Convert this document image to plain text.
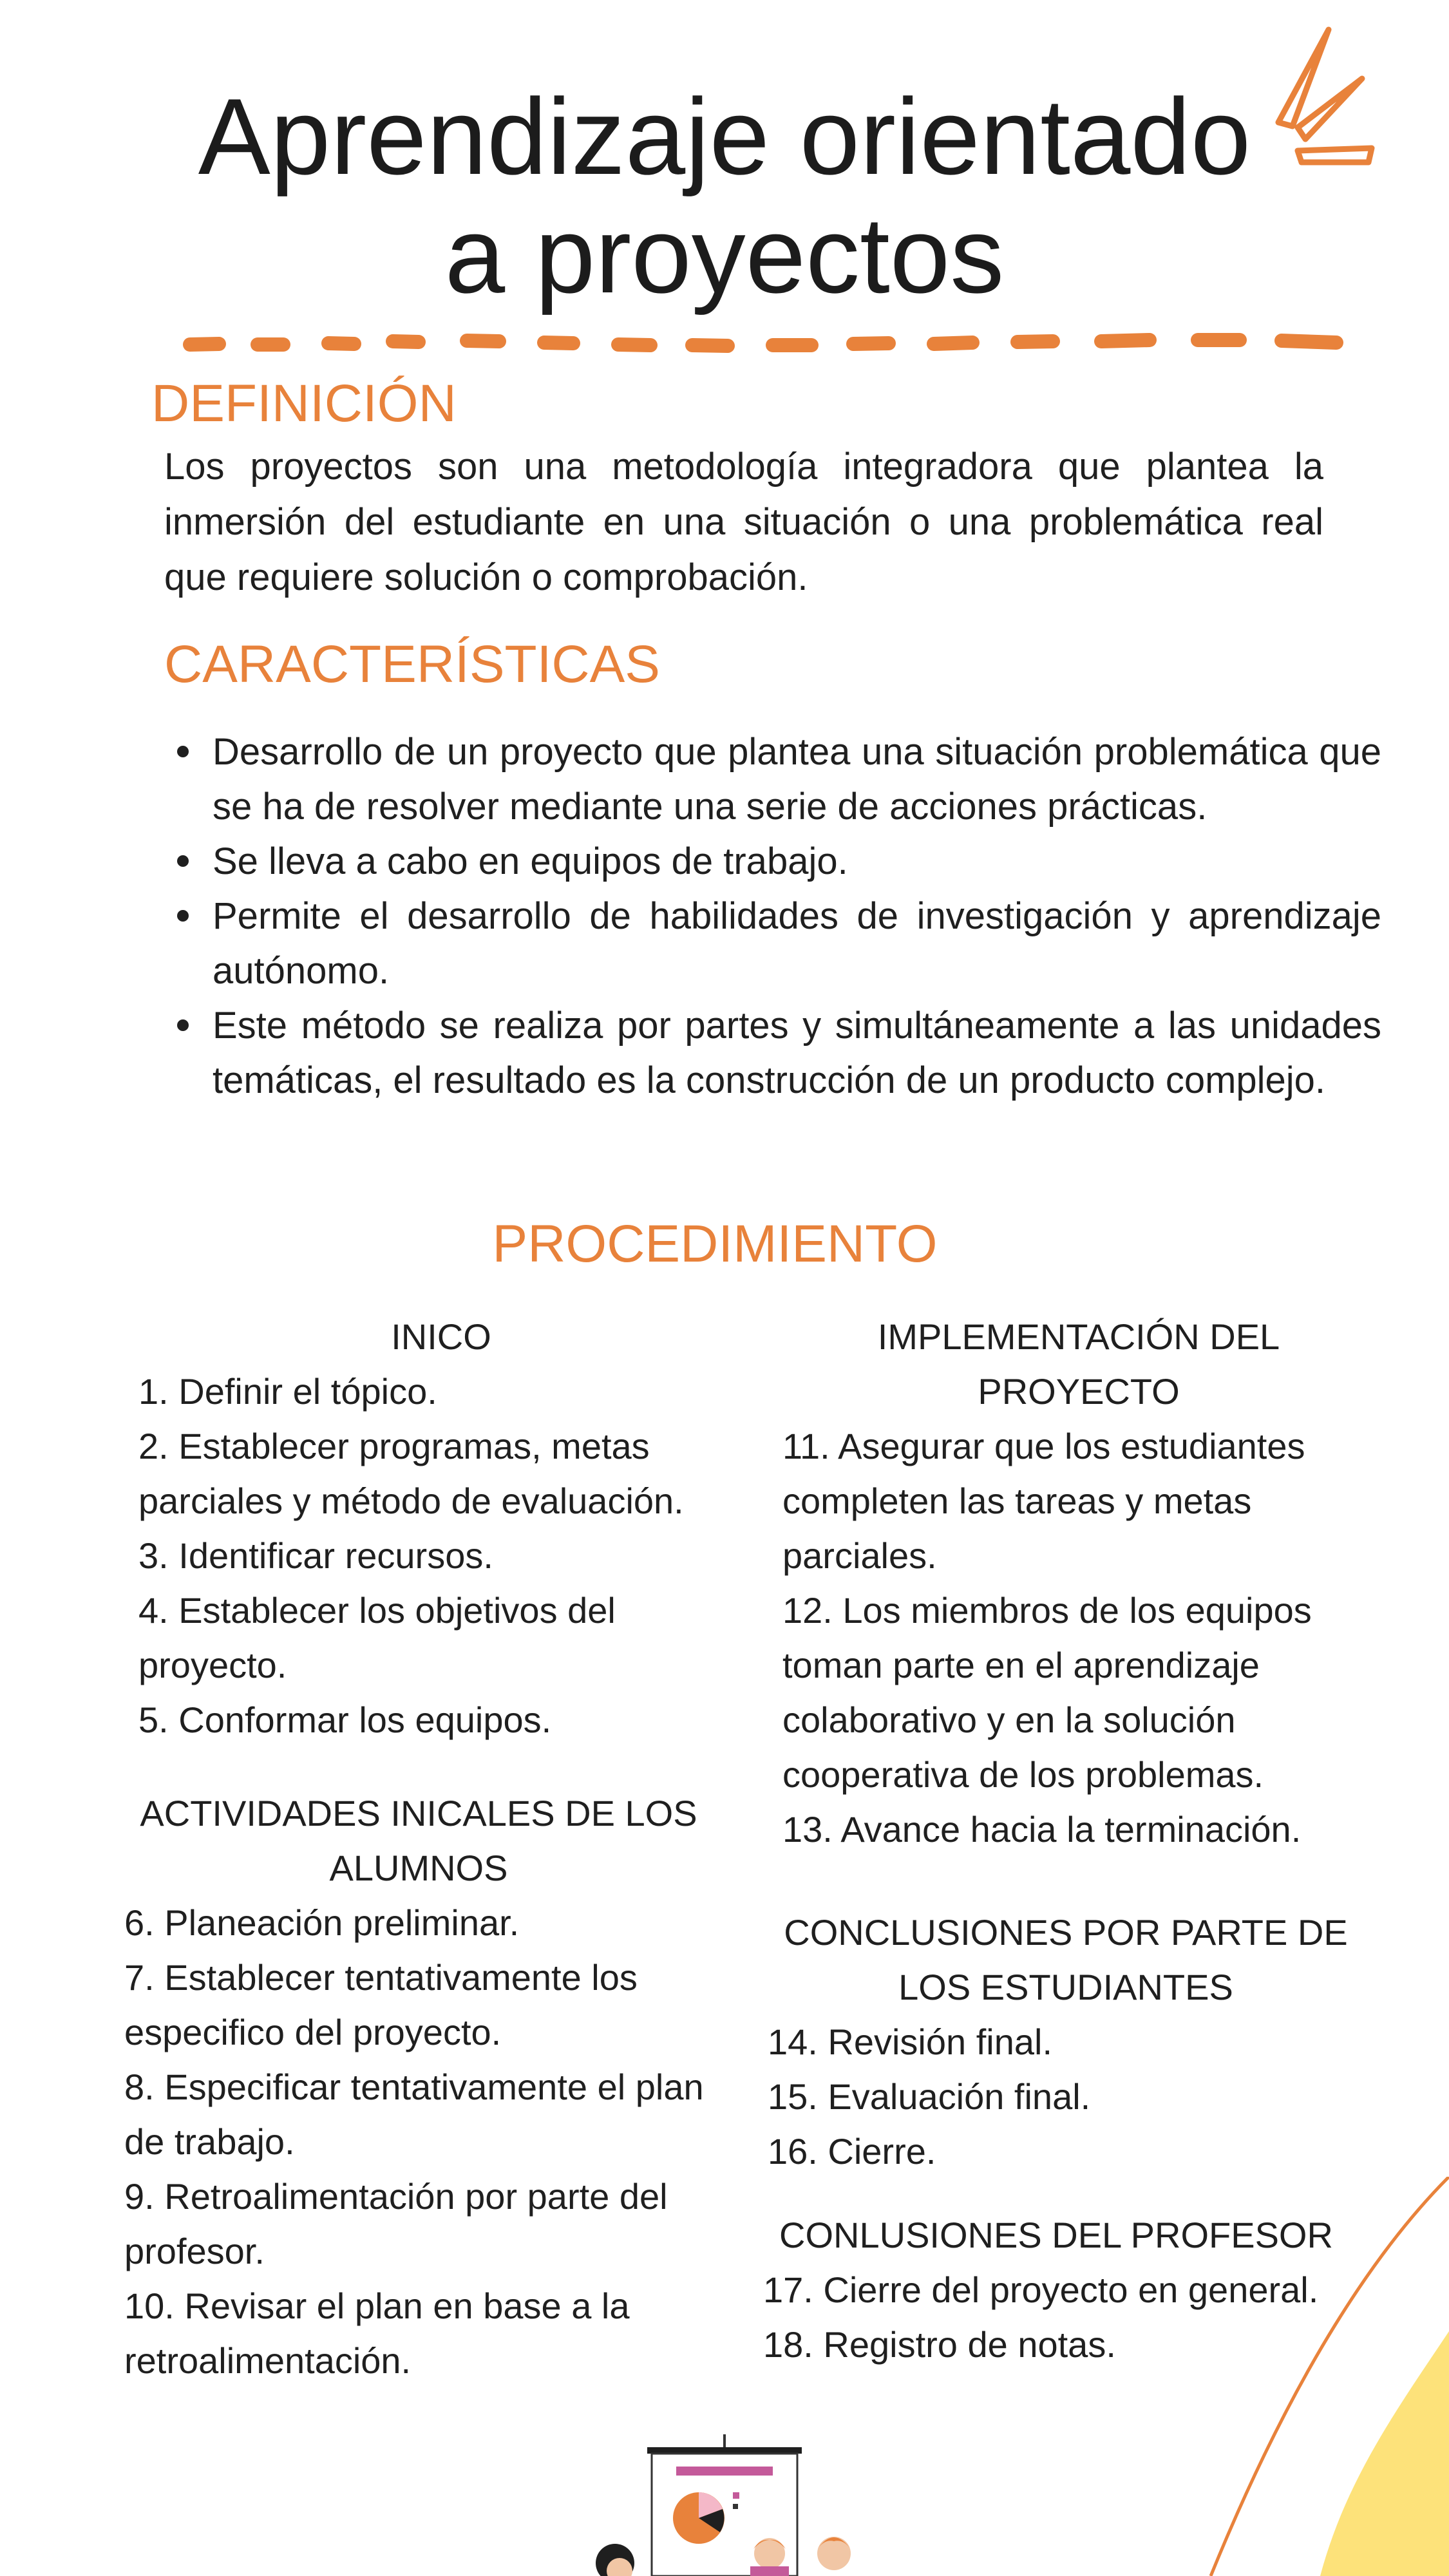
Aprendizaje orientado
a proyectos
DEFINICIÓN

Los proyectos son una metodología integradora que plantea la inmersión del estudiante en una situación o una problemática real que requiere solución o comprobación.

CARACTERÍSTICAS
Desarrollo de un proyecto que plantea una situación problemática que se ha de resolver mediante una serie de acciones prácticas.
Se lleva a cabo en equipos de trabajo.
Permite el desarrollo de habilidades de investigación y aprendizaje autónomo.
Este método se realiza por partes y simultáneamente a las unidades temáticas, el resultado es la construcción de un producto complejo.
PROCEDIMIENTO
INICO
1. Definir el tópico.
2. Establecer programas, metas parciales y método de evaluación.
3. Identificar recursos.
4. Establecer los objetivos del proyecto.
5. Conformar los equipos.
ACTIVIDADES INICALES DE LOS ALUMNOS
6. Planeación preliminar.
7. Establecer tentativamente los especifico del proyecto.
8. Especificar tentativamente el plan de trabajo.
9. Retroalimentación por parte del profesor.
10. Revisar el plan en base a la retroalimentación.
IMPLEMENTACIÓN DEL PROYECTO
11. Asegurar que los estudiantes completen las tareas y metas parciales.
12. Los miembros de los equipos toman parte en el aprendizaje colaborativo y en la solución cooperativa de los problemas.
13. Avance hacia la terminación.
CONCLUSIONES POR PARTE DE LOS ESTUDIANTES
14. Revisión final.
15. Evaluación final.
16. Cierre.
CONLUSIONES DEL PROFESOR
17. Cierre del proyecto en general.
18. Registro de notas.
